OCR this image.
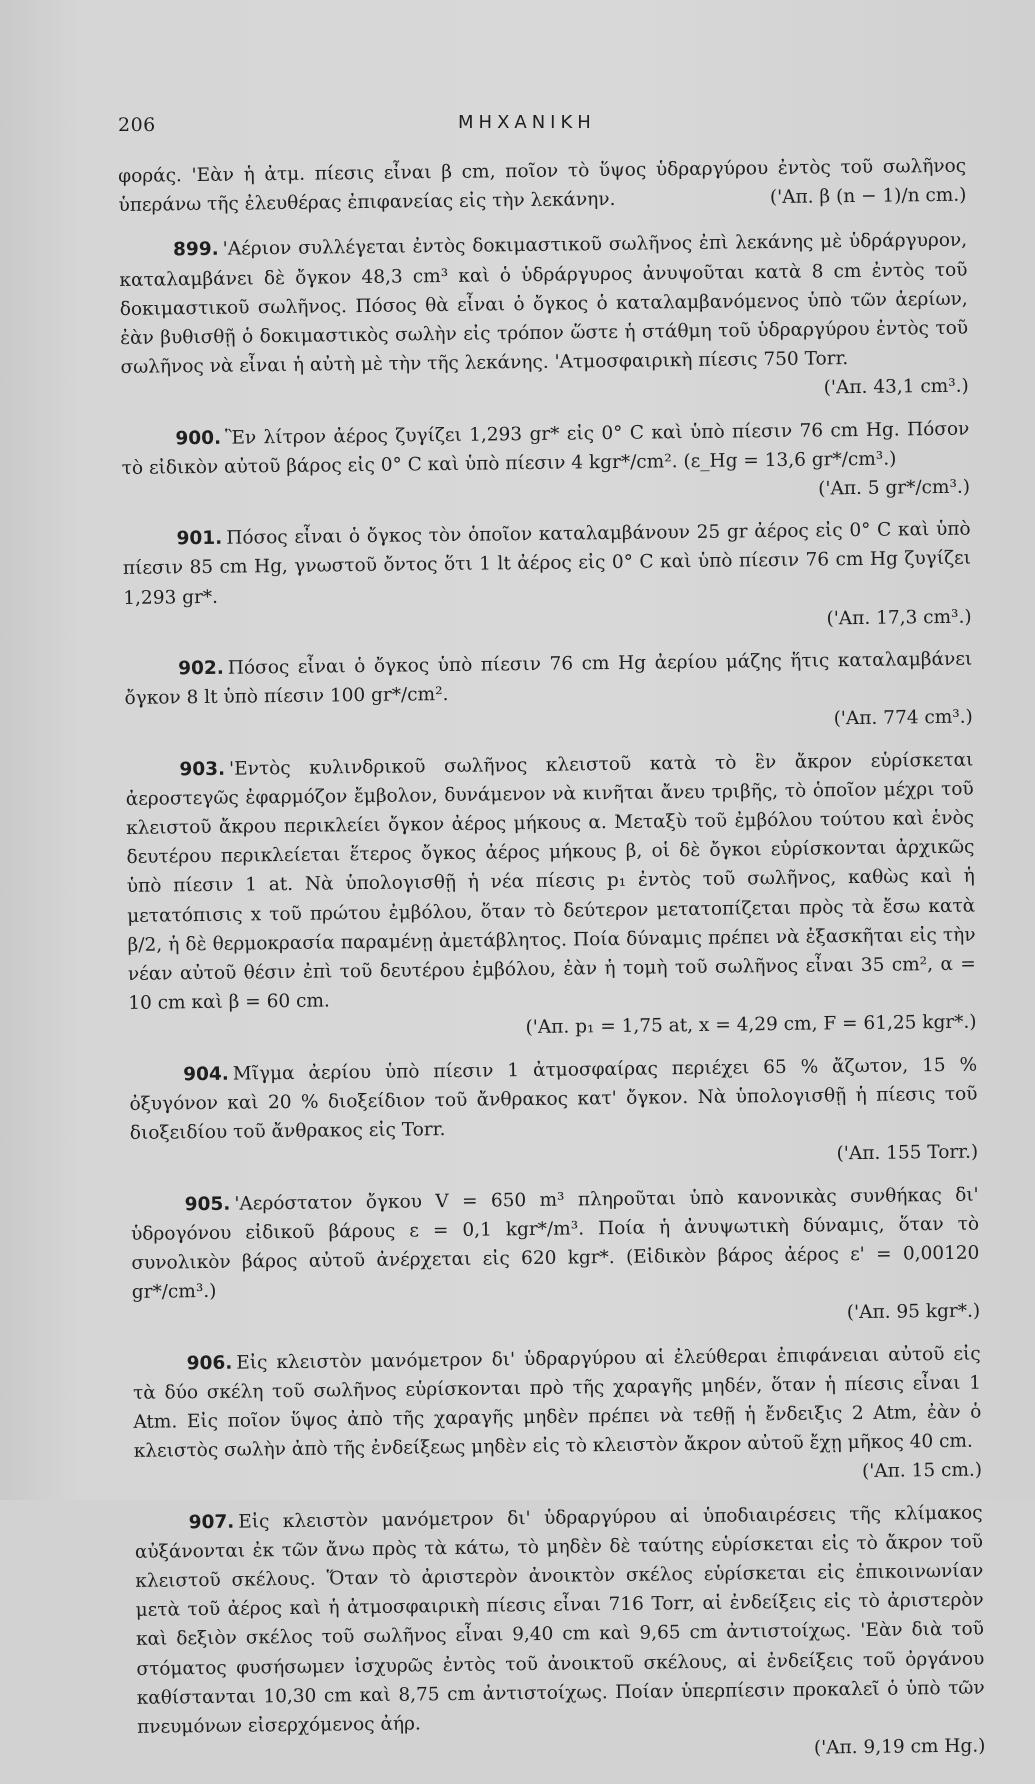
206	ΜΗΧΑΝΙΚΗ

φοράς. 'Εὰν ἡ ἀτμ. πίεσις εἶναι β cm, ποῖον τὸ ὕψος ὑδραργύρου ἐντὸς τοῦ σωλῆνος ὑπεράνω τῆς ἐλευθέρας ἐπιφανείας εἰς τὴν λεκάνην.	('Απ. β (n − 1)/n cm.)

899. 'Αέριον συλλέγεται ἐντὸς δοκιμαστικοῦ σωλῆνος ἐπὶ λεκάνης μὲ ὑδράργυρον, καταλαμβάνει δὲ ὄγκον 48,3 cm³ καὶ ὁ ὑδράργυρος ἀνυψοῦται κατὰ 8 cm ἐντὸς τοῦ δοκιμαστικοῦ σωλῆνος. Πόσος θὰ εἶναι ὁ ὄγκος ὁ καταλαμβανόμενος ὑπὸ τῶν ἀερίων, ἐὰν βυθισθῇ ὁ δοκιμαστικὸς σωλὴν εἰς τρόπον ὥστε ἡ στάθμη τοῦ ὑδραργύρου ἐντὸς τοῦ σωλῆνος νὰ εἶναι ἡ αὐτὴ μὲ τὴν τῆς λεκάνης. 'Ατμοσφαιρικὴ πίεσις 750 Torr.

('Απ. 43,1 cm³.)

900. Ἓν λίτρον ἀέρος ζυγίζει 1,293 gr* εἰς 0° C καὶ ὑπὸ πίεσιν 76 cm Hg. Πόσον τὸ εἰδικὸν αὐτοῦ βάρος εἰς 0° C καὶ ὑπὸ πίεσιν 4 kgr*/cm². (ε_Hg = 13,6 gr*/cm³.)

('Απ. 5 gr*/cm³.)

901. Πόσος εἶναι ὁ ὄγκος τὸν ὁποῖον καταλαμβάνουν 25 gr ἀέρος εἰς 0° C καὶ ὑπὸ πίεσιν 85 cm Hg, γνωστοῦ ὄντος ὅτι 1 lt ἀέρος εἰς 0° C καὶ ὑπὸ πίεσιν 76 cm Hg ζυγίζει 1,293 gr*.

('Απ. 17,3 cm³.)

902. Πόσος εἶναι ὁ ὄγκος ὑπὸ πίεσιν 76 cm Hg ἀερίου μάζης ἥτις καταλαμβάνει ὄγκον 8 lt ὑπὸ πίεσιν 100 gr*/cm².

('Απ. 774 cm³.)

903. 'Εντὸς κυλινδρικοῦ σωλῆνος κλειστοῦ κατὰ τὸ ἓν ἄκρον εὑρίσκεται ἀεροστεγῶς ἐφαρμόζον ἔμβολον, δυνάμενον νὰ κινῆται ἄνευ τριβῆς, τὸ ὁποῖον μέχρι τοῦ κλειστοῦ ἄκρου περικλείει ὄγκον ἀέρος μήκους α. Μεταξὺ τοῦ ἐμβόλου τούτου καὶ ἑνὸς δευτέρου περικλείεται ἕτερος ὄγκος ἀέρος μήκους β, οἱ δὲ ὄγκοι εὑρίσκονται ἀρχικῶς ὑπὸ πίεσιν 1 at. Νὰ ὑπολογισθῇ ἡ νέα πίεσις p₁ ἐντὸς τοῦ σωλῆνος, καθὼς καὶ ἡ μετατόπισις x τοῦ πρώτου ἐμβόλου, ὅταν τὸ δεύτερον μετατοπίζεται πρὸς τὰ ἔσω κατὰ β/2, ἡ δὲ θερμοκρασία παραμένῃ ἀμετάβλητος. Ποία δύναμις πρέπει νὰ ἐξασκῆται εἰς τὴν νέαν αὐτοῦ θέσιν ἐπὶ τοῦ δευτέρου ἐμβόλου, ἐὰν ἡ τομὴ τοῦ σωλῆνος εἶναι 35 cm², α = 10 cm καὶ β = 60 cm.

('Απ. p₁ = 1,75 at, x = 4,29 cm, F = 61,25 kgr*.)

904. Μῖγμα ἀερίου ὑπὸ πίεσιν 1 ἀτμοσφαίρας περιέχει 65 % ἄζωτον, 15 % ὀξυγόνον καὶ 20 % διοξείδιον τοῦ ἄνθρακος κατ' ὄγκον. Νὰ ὑπολογισθῇ ἡ πίεσις τοῦ διοξειδίου τοῦ ἄνθρακος εἰς Torr.

('Απ. 155 Torr.)

905. 'Αερόστατον ὄγκου V = 650 m³ πληροῦται ὑπὸ κανονικὰς συνθήκας δι' ὑδρογόνου εἰδικοῦ βάρους ε = 0,1 kgr*/m³. Ποία ἡ ἀνυψωτικὴ δύναμις, ὅταν τὸ συνολικὸν βάρος αὐτοῦ ἀνέρχεται εἰς 620 kgr*. (Εἰδικὸν βάρος ἀέρος ε' = 0,00120 gr*/cm³.)

('Απ. 95 kgr*.)

906. Εἰς κλειστὸν μανόμετρον δι' ὑδραργύρου αἱ ἐλεύθεραι ἐπιφάνειαι αὐτοῦ εἰς τὰ δύο σκέλη τοῦ σωλῆνος εὑρίσκονται πρὸ τῆς χαραγῆς μηδέν, ὅταν ἡ πίεσις εἶναι 1 Atm. Εἰς ποῖον ὕψος ἀπὸ τῆς χαραγῆς μηδὲν πρέπει νὰ τεθῇ ἡ ἔνδειξις 2 Atm, ἐὰν ὁ κλειστὸς σωλὴν ἀπὸ τῆς ἐνδείξεως μηδὲν εἰς τὸ κλειστὸν ἄκρον αὐτοῦ ἔχῃ μῆκος 40 cm.

('Απ. 15 cm.)

907. Εἰς κλειστὸν μανόμετρον δι' ὑδραργύρου αἱ ὑποδιαιρέσεις τῆς κλίμακος αὐξάνονται ἐκ τῶν ἄνω πρὸς τὰ κάτω, τὸ μηδὲν δὲ ταύτης εὑρίσκεται εἰς τὸ ἄκρον τοῦ κλειστοῦ σκέλους. Ὅταν τὸ ἀριστερὸν ἀνοικτὸν σκέλος εὑρίσκεται εἰς ἐπικοινωνίαν μετὰ τοῦ ἀέρος καὶ ἡ ἀτμοσφαιρικὴ πίεσις εἶναι 716 Torr, αἱ ἐνδείξεις εἰς τὸ ἀριστερὸν καὶ δεξιὸν σκέλος τοῦ σωλῆνος εἶναι 9,40 cm καὶ 9,65 cm ἀντιστοίχως. 'Εὰν διὰ τοῦ στόματος φυσήσωμεν ἰσχυρῶς ἐντὸς τοῦ ἀνοικτοῦ σκέλους, αἱ ἐνδείξεις τοῦ ὀργάνου καθίστανται 10,30 cm καὶ 8,75 cm ἀντιστοίχως. Ποίαν ὑπερπίεσιν προκαλεῖ ὁ ὑπὸ τῶν πνευμόνων εἰσερχόμενος ἀήρ.

('Απ. 9,19 cm Hg.)
